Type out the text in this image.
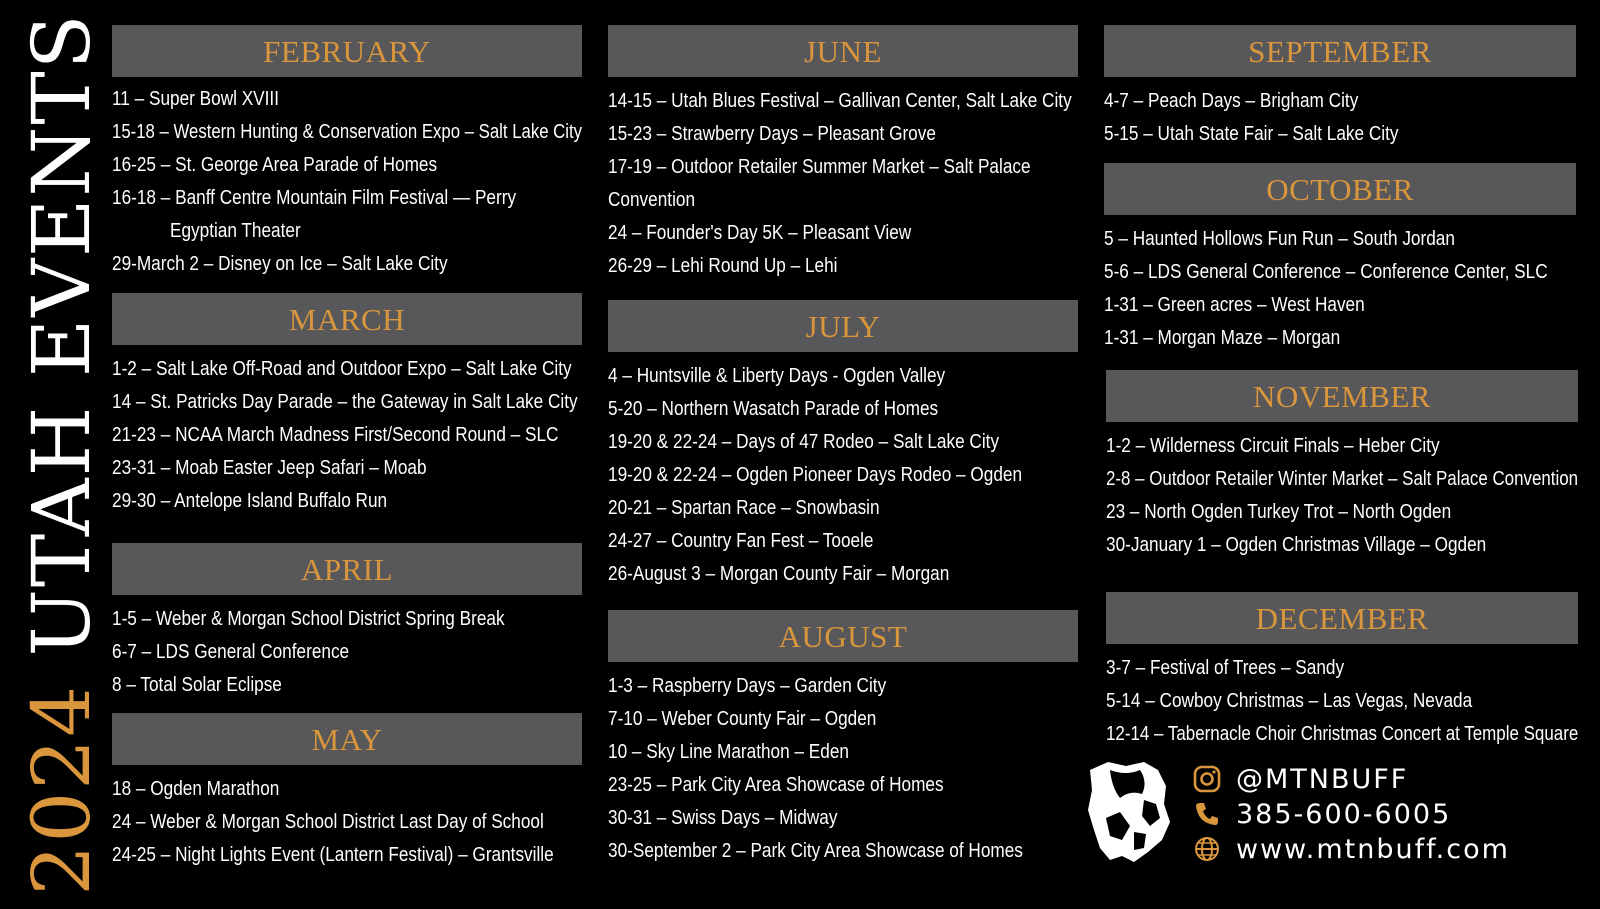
2024 UTAH EVENTS	FEBRUARY
11 – Super Bowl XVIII
15-18 – Western Hunting & Conservation Expo – Salt Lake City
16-25 – St. George Area Parade of Homes
16-18 – Banff Centre Mountain Film Festival — Perry
Egyptian Theater
29-March 2 – Disney on Ice – Salt Lake City
MARCH
1-2 – Salt Lake Off-Road and Outdoor Expo – Salt Lake City
14 – St. Patricks Day Parade – the Gateway in Salt Lake City
21-23 – NCAA March Madness First/Second Round – SLC
23-31 – Moab Easter Jeep Safari – Moab
29-30 – Antelope Island Buffalo Run
APRIL
1-5 – Weber & Morgan School District Spring Break
6-7 – LDS General Conference
8 – Total Solar Eclipse
MAY
18 – Ogden Marathon
24 – Weber & Morgan School District Last Day of School
24-25 – Night Lights Event (Lantern Festival) – Grantsville
JUNE
14-15 – Utah Blues Festival – Gallivan Center, Salt Lake City
15-23 – Strawberry Days – Pleasant Grove
17-19 – Outdoor Retailer Summer Market – Salt Palace
Convention
24 – Founder's Day 5K – Pleasant View
26-29 – Lehi Round Up – Lehi
JULY
4 – Huntsville & Liberty Days - Ogden Valley
5-20 – Northern Wasatch Parade of Homes
19-20 & 22-24 – Days of 47 Rodeo – Salt Lake City
19-20 & 22-24 – Ogden Pioneer Days Rodeo – Ogden
20-21 – Spartan Race – Snowbasin
24-27 – Country Fan Fest – Tooele
26-August 3 – Morgan County Fair – Morgan
AUGUST
1-3 – Raspberry Days – Garden City
7-10 – Weber County Fair – Ogden
10 – Sky Line Marathon – Eden
23-25 – Park City Area Showcase of Homes
30-31 – Swiss Days – Midway
30-September 2 – Park City Area Showcase of Homes
SEPTEMBER
4-7 – Peach Days – Brigham City
5-15 – Utah State Fair – Salt Lake City
OCTOBER
5 – Haunted Hollows Fun Run – South Jordan
5-6 – LDS General Conference – Conference Center, SLC
1-31 – Green acres – West Haven
1-31 – Morgan Maze – Morgan
NOVEMBER
1-2 – Wilderness Circuit Finals – Heber City
2-8 – Outdoor Retailer Winter Market – Salt Palace Convention
23 – North Ogden Turkey Trot – North Ogden
30-January 1 – Ogden Christmas Village – Ogden
DECEMBER
3-7 – Festival of Trees – Sandy
5-14 – Cowboy Christmas – Las Vegas, Nevada
12-14 – Tabernacle Choir Christmas Concert at Temple Square
@MTNBUFF
385-600-6005
www.mtnbuff.com
